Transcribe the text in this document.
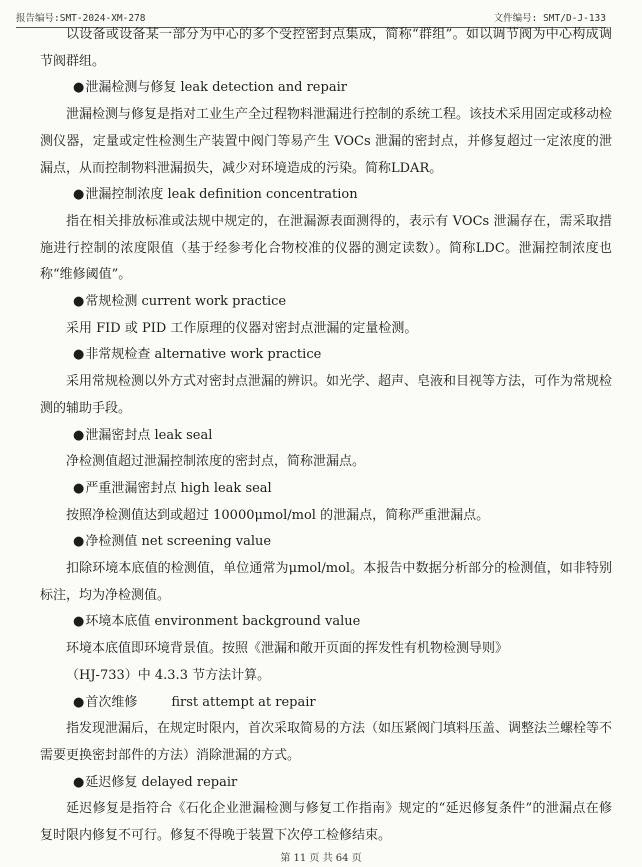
报告编号:SMT-2024-XM-278	文件编号: SMT/D-J-133

以设备或设备某一部分为中心的多个受控密封点集成，简称“群组”。如以调节阀为中心构成调节阀群组。

●泄漏检测与修复 leak detection and repair

泄漏检测与修复是指对工业生产全过程物料泄漏进行控制的系统工程。该技术采用固定或移动检测仪器，定量或定性检测生产装置中阀门等易产生 VOCs 泄漏的密封点，并修复超过一定浓度的泄漏点，从而控制物料泄漏损失，减少对环境造成的污染。简称LDAR。

●泄漏控制浓度 leak definition concentration

指在相关排放标准或法规中规定的，在泄漏源表面测得的，表示有 VOCs 泄漏存在，需采取措施进行控制的浓度限值（基于经参考化合物校准的仪器的测定读数）。简称LDC。泄漏控制浓度也称“维修阈值”。

●常规检测 current work practice

采用 FID 或 PID 工作原理的仪器对密封点泄漏的定量检测。

●非常规检查 alternative work practice

采用常规检测以外方式对密封点泄漏的辨识。如光学、超声、皂液和目视等方法，可作为常规检测的辅助手段。

●泄漏密封点 leak seal

净检测值超过泄漏控制浓度的密封点，简称泄漏点。

●严重泄漏密封点 high leak seal

按照净检测值达到或超过 10000μmol/mol 的泄漏点，简称严重泄漏点。

●净检测值 net screening value

扣除环境本底值的检测值，单位通常为μmol/mol。本报告中数据分析部分的检测值，如非特别标注，均为净检测值。

●环境本底值 environment background value

环境本底值即环境背景值。按照《泄漏和敞开页面的挥发性有机物检测导则》

（HJ-733）中 4.3.3 节方法计算。

●首次维修	first attempt at repair

指发现泄漏后，在规定时限内，首次采取简易的方法（如压紧阀门填料压盖、调整法兰螺栓等不需要更换密封部件的方法）消除泄漏的方式。

●延迟修复 delayed repair

延迟修复是指符合《石化企业泄漏检测与修复工作指南》规定的“延迟修复条件”的泄漏点在修复时限内修复不可行。修复不得晚于装置下次停工检修结束。

第 11 页 共 64 页
